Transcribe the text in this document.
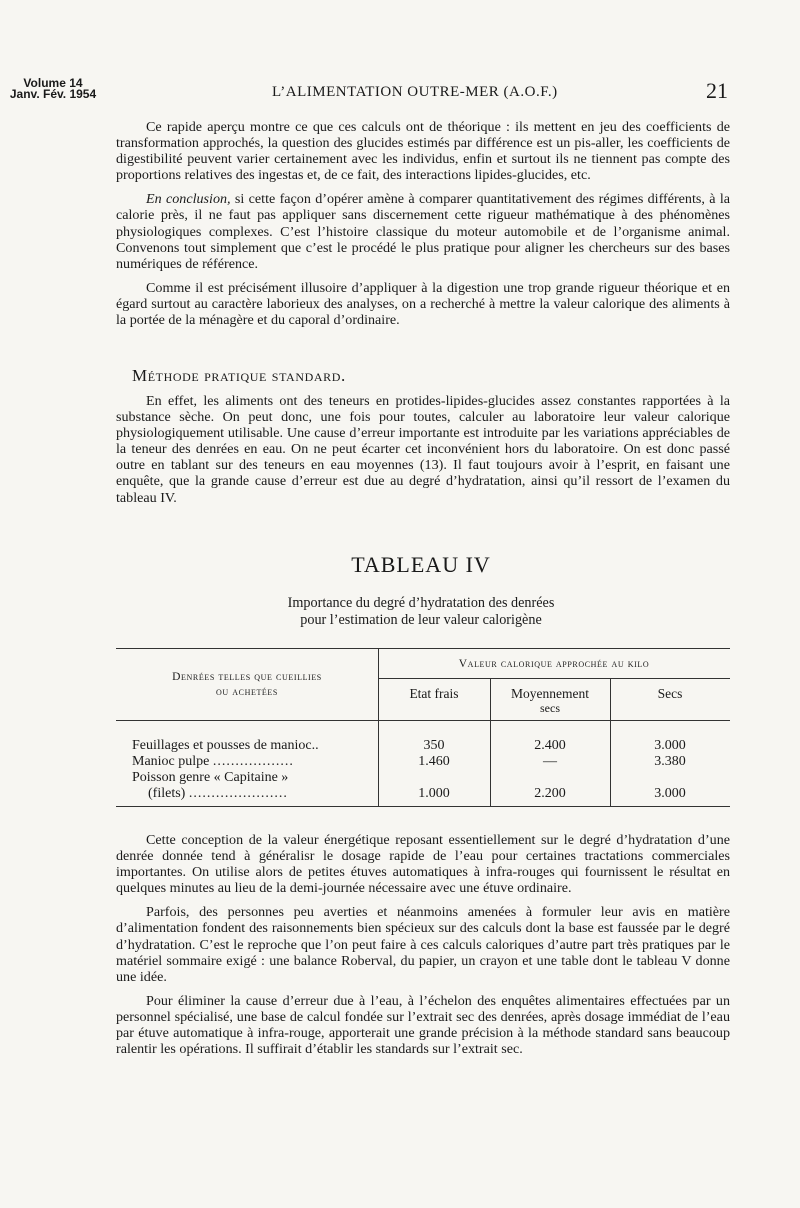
Volume 14
Janv. Fév. 1954	L’ALIMENTATION OUTRE-MER (A.O.F.)	21

Ce rapide aperçu montre ce que ces calculs ont de théorique : ils mettent en jeu des coefficients de transformation approchés, la question des glucides estimés par différence est un pis-aller, les coefficients de digestibilité peuvent varier certainement avec les individus, enfin et surtout ils ne tiennent pas compte des proportions relatives des ingestas et, de ce fait, des interactions lipides-glucides, etc.

En conclusion, si cette façon d’opérer amène à comparer quantitativement des régimes différents, à la calorie près, il ne faut pas appliquer sans discernement cette rigueur mathématique à des phénomènes physiologiques complexes. C’est l’histoire classique du moteur automobile et de l’organisme animal. Convenons tout simplement que c’est le procédé le plus pratique pour aligner les chercheurs sur des bases numériques de référence.

Comme il est précisément illusoire d’appliquer à la digestion une trop grande rigueur théorique et en égard surtout au caractère laborieux des analyses, on a recherché à mettre la valeur calorique des aliments à la portée de la ménagère et du caporal d’ordinaire.

Méthode pratique standard.

En effet, les aliments ont des teneurs en protides-lipides-glucides assez constantes rapportées à la substance sèche. On peut donc, une fois pour toutes, calculer au laboratoire leur valeur calorique physiologiquement utilisable. Une cause d’erreur importante est introduite par les variations appréciables de la teneur des denrées en eau. On ne peut écarter cet inconvénient hors du laboratoire. On est donc passé outre en tablant sur des teneurs en eau moyennes (13). Il faut toujours avoir à l’esprit, en faisant une enquête, que la grande cause d’erreur est due au degré d’hydratation, ainsi qu’il ressort de l’examen du tableau IV.

TABLEAU IV
Importance du degré d’hydratation des denrées
pour l’estimation de leur valeur calorigène
Denrées telles que cueillies
ou achetées
Valeur calorique approchée au kilo
Etat frais	Moyennement
secs
Secs
Feuillages et pousses de manioc..	350	2.400	3.000
Manioc pulpe ..................	1.460	—	3.380
Poisson genre « Capitaine »
(filets) ......................	1.000	2.200	3.000

Cette conception de la valeur énergétique reposant essentiellement sur le degré d’hydratation d’une denrée donnée tend à généralisr le dosage rapide de l’eau pour certaines tractations commerciales importantes. On utilise alors de petites étuves automatiques à infra-rouges qui fournissent le résultat en quelques minutes au lieu de la demi-journée nécessaire avec une étuve ordinaire.

Parfois, des personnes peu averties et néanmoins amenées à formuler leur avis en matière d’alimentation fondent des raisonnements bien spécieux sur des calculs dont la base est faussée par le degré d’hydratation. C’est le reproche que l’on peut faire à ces calculs caloriques d’autre part très pratiques par le matériel sommaire exigé : une balance Roberval, du papier, un crayon et une table dont le tableau V donne une idée.

Pour éliminer la cause d’erreur due à l’eau, à l’échelon des enquêtes alimentaires effectuées par un personnel spécialisé, une base de calcul fondée sur l’extrait sec des denrées, après dosage immédiat de l’eau par étuve automatique à infra-rouge, apporterait une grande précision à la méthode standard sans beaucoup ralentir les opérations. Il suffirait d’établir les standards sur l’extrait sec.
